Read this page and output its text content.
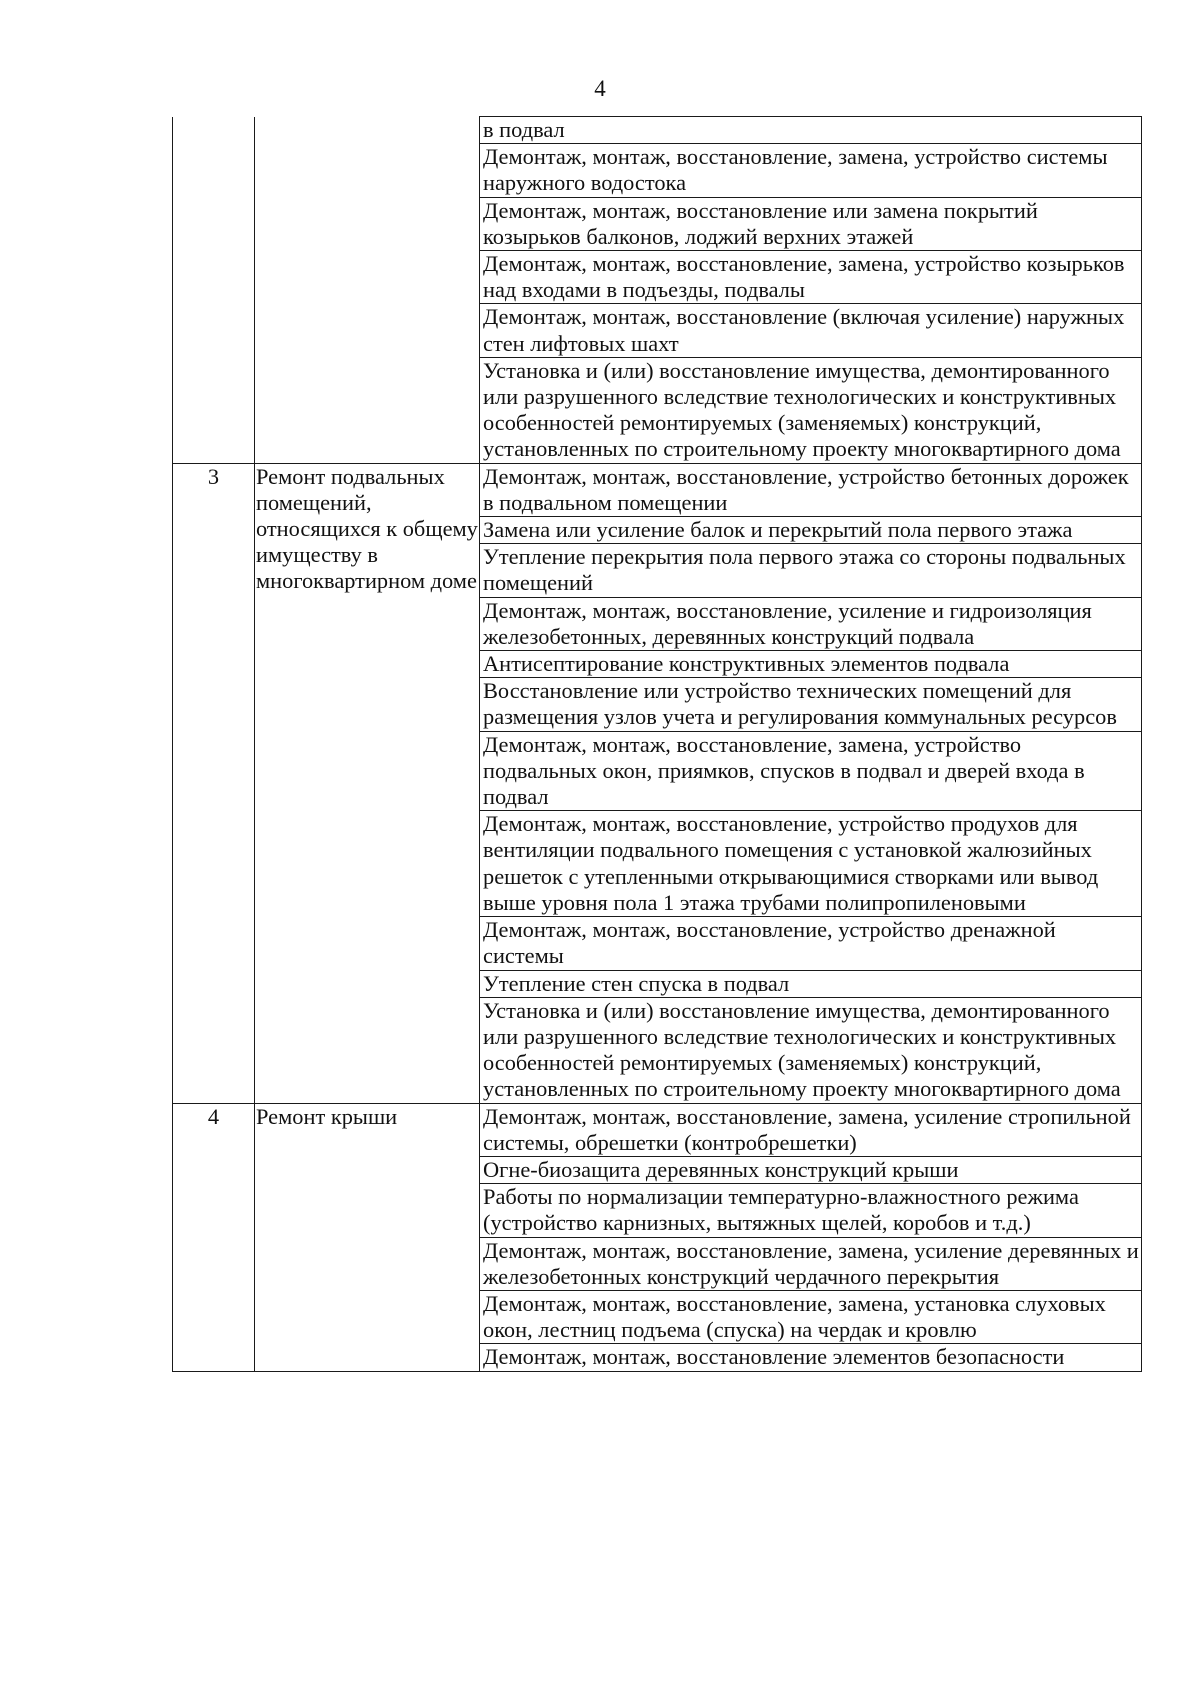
4
		в подвал
		Демонтаж, монтаж, восстановление, замена, устройство системы наружного водостока
		Демонтаж, монтаж, восстановление или замена покрытий козырьков балконов, лоджий верхних этажей
		Демонтаж, монтаж, восстановление, замена, устройство козырьков над входами в подъезды, подвалы
		Демонтаж, монтаж, восстановление (включая усиление) наружных стен лифтовых шахт
		Установка и (или) восстановление имущества, демонтированного или разрушенного вследствие технологических и конструктивных особенностей ремонтируемых (заменяемых) конструкций, установленных по строительному проекту многоквартирного дома
3	Ремонт подвальных помещений, относящихся к общему имуществу в многоквартирном доме	Демонтаж, монтаж, восстановление, устройство бетонных дорожек в подвальном помещении
		Замена или усиление балок и перекрытий пола первого этажа
		Утепление перекрытия пола первого этажа со стороны подвальных помещений
		Демонтаж, монтаж, восстановление, усиление и гидроизоляция железобетонных, деревянных конструкций подвала
		Антисептирование конструктивных элементов подвала
		Восстановление или устройство технических помещений для размещения узлов учета и регулирования коммунальных ресурсов
		Демонтаж, монтаж, восстановление, замена, устройство подвальных окон, приямков, спусков в подвал и дверей входа в подвал
		Демонтаж, монтаж, восстановление, устройство продухов для вентиляции подвального помещения с установкой жалюзийных решеток с утепленными открывающимися створками или вывод выше уровня пола 1 этажа трубами полипропиленовыми
		Демонтаж, монтаж, восстановление, устройство дренажной системы
		Утепление стен спуска в подвал
		Установка и (или) восстановление имущества, демонтированного или разрушенного вследствие технологических и конструктивных особенностей ремонтируемых (заменяемых) конструкций, установленных по строительному проекту многоквартирного дома
4	Ремонт крыши	Демонтаж, монтаж, восстановление, замена, усиление стропильной системы, обрешетки (контробрешетки)
		Огне-биозащита деревянных конструкций крыши
		Работы по нормализации температурно-влажностного режима (устройство карнизных, вытяжных щелей, коробов и т.д.)
		Демонтаж, монтаж, восстановление, замена, усиление деревянных и железобетонных конструкций чердачного перекрытия
		Демонтаж, монтаж, восстановление, замена, установка слуховых окон, лестниц подъема (спуска) на чердак и кровлю
		Демонтаж, монтаж, восстановление элементов безопасности
